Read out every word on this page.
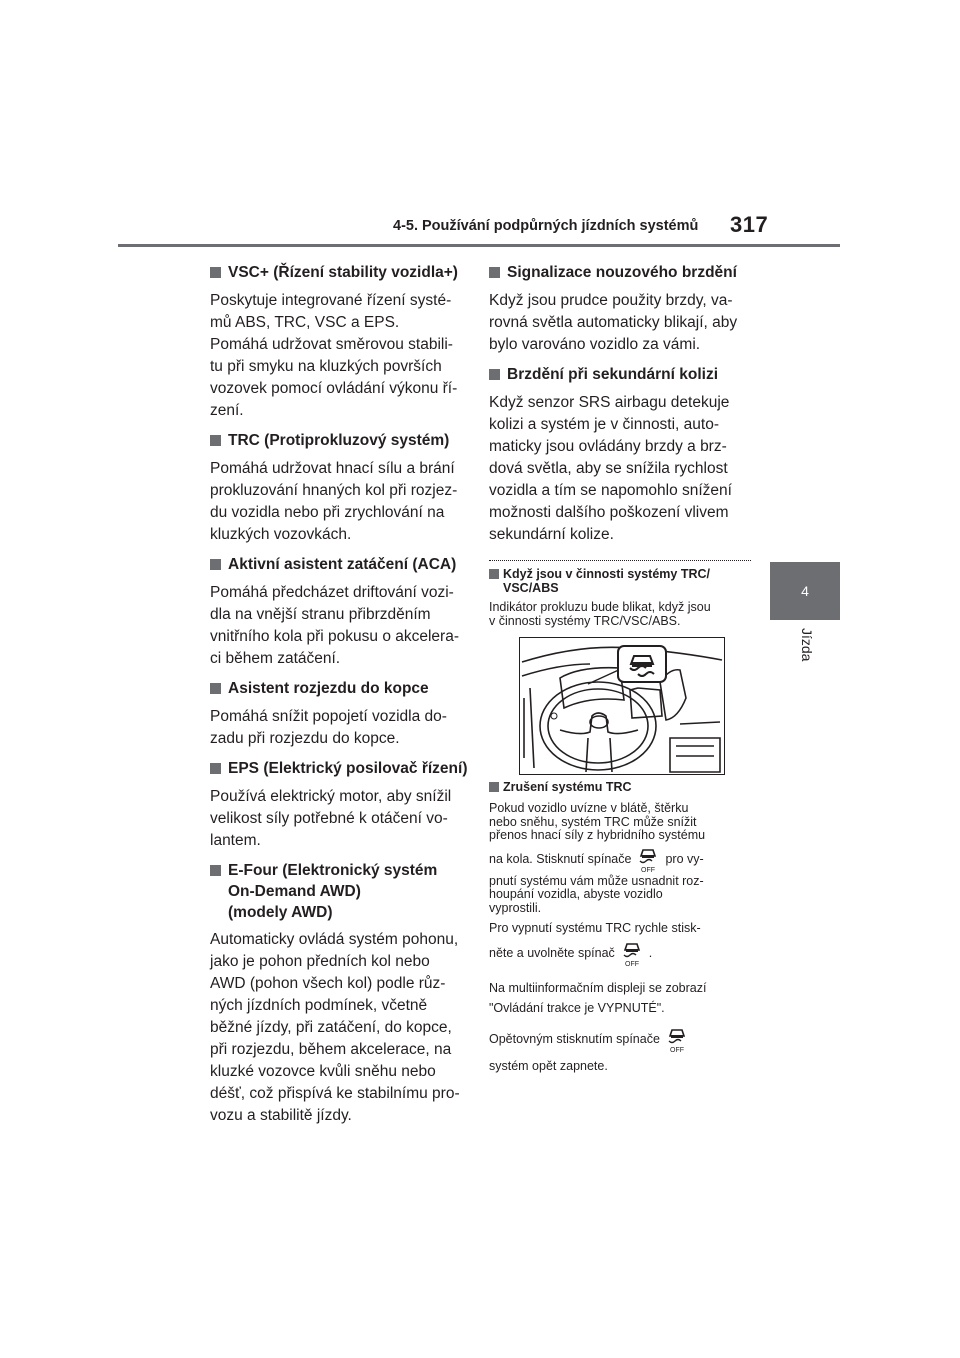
4-5. Používání podpůrných jízdních systémů 317
4
Jízda
VSC+ (Řízení stability vozidla+)
Poskytuje integrované řízení systé-
mů ABS, TRC, VSC a EPS.
Pomáhá udržovat směrovou stabili-
tu při smyku na kluzkých površích
vozovek pomocí ovládání výkonu ří-
zení.
TRC (Protiprokluzový systém)
Pomáhá udržovat hnací sílu a brání
prokluzování hnaných kol při rozjez-
du vozidla nebo při zrychlování na
kluzkých vozovkách.
Aktivní asistent zatáčení (ACA)
Pomáhá předcházet driftování vozi-
dla na vnější stranu přibrzděním
vnitřního kola při pokusu o akcelera-
ci během zatáčení.
Asistent rozjezdu do kopce
Pomáhá snížit popojetí vozidla do-
zadu při rozjezdu do kopce.
EPS (Elektrický posilovač řízení)
Používá elektrický motor, aby snížil
velikost síly potřebné k otáčení vo-
lantem.
E-Four (Elektronický systém
On-Demand AWD)
(modely AWD)
Automaticky ovládá systém pohonu,
jako je pohon předních kol nebo
AWD (pohon všech kol) podle růz-
ných jízdních podmínek, včetně
běžné jízdy, při zatáčení, do kopce,
při rozjezdu, během akcelerace, na
kluzké vozovce kvůli sněhu nebo
déšť, což přispívá ke stabilnímu pro-
vozu a stabilitě jízdy.
Signalizace nouzového brzdění
Když jsou prudce použity brzdy, va-
rovná světla automaticky blikají, aby
bylo varováno vozidlo za vámi.
Brzdění při sekundární kolizi
Když senzor SRS airbagu detekuje
kolizi a systém je v činnosti, auto-
maticky jsou ovládány brzdy a brz-
dová světla, aby se snížila rychlost
vozidla a tím se napomohlo snížení
možnosti dalšího poškození vlivem
sekundární kolize.
Když jsou v činnosti systémy TRC/
VSC/ABS
Indikátor prokluzu bude blikat, když jsou
v činnosti systémy TRC/VSC/ABS.
Zrušení systému TRC
Pokud vozidlo uvízne v blátě, štěrku
nebo sněhu, systém TRC může snížit
přenos hnací síly z hybridního systému
na kola. Stisknutí spínače
OFF
pro vy-
pnutí systému vám může usnadnit roz-
houpání vozidla, abyste vozidlo
vyprostili.
Pro vypnutí systému TRC rychle stisk-
něte a uvolněte spínač
OFF
.
Na multiinformačním displeji se zobrazí
"Ovládání trakce je VYPNUTÉ".
Opětovným stisknutím spínače
OFF
systém opět zapnete.
